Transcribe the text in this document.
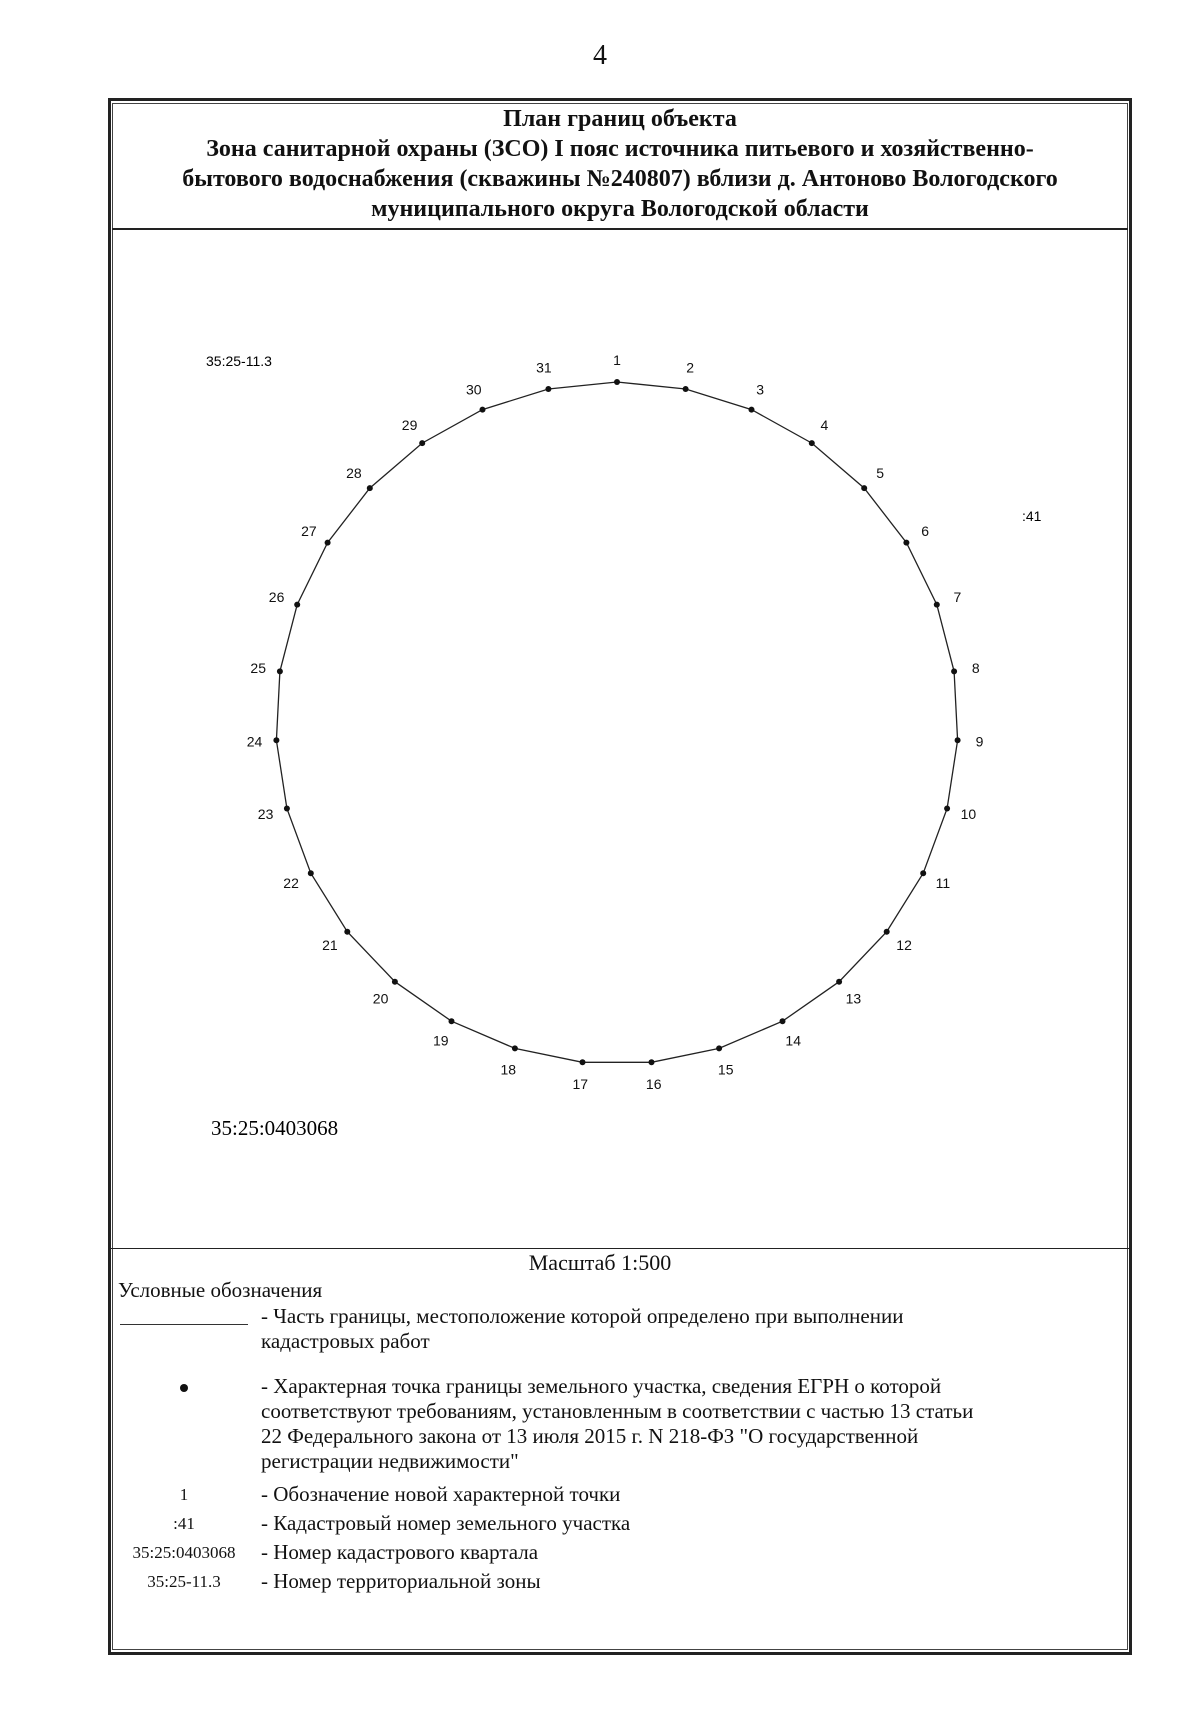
4
План границ объекта
Зона санитарной охраны (ЗСО) I пояс источника питьевого и хозяйственно-
бытового водоснабжения (скважины №240807) вблизи д. Антоново Вологодского
муниципального округа Вологодской области
35:25-11.3
:41
35:25:0403068
1	2
3
4
5
6
7
8
9
10
11
12
13
14
15
16
17
18
19
20
21
22
23
24
25
26
27
28
29
30
31
Масштаб 1:500
Условные обозначения
- Часть границы, местоположение которой определено при выполнении
кадастровых работ
- Характерная точка границы земельного участка, сведения ЕГРН о которой
соответствуют требованиям, установленным в соответствии с частью 13 статьи
22 Федерального закона от 13 июля 2015 г. N 218-ФЗ "О государственной
регистрации недвижимости"
1	- Обозначение новой характерной точки
:41	- Кадастровый номер земельного участка
35:25:0403068	- Номер кадастрового квартала
35:25-11.3	- Номер территориальной зоны
